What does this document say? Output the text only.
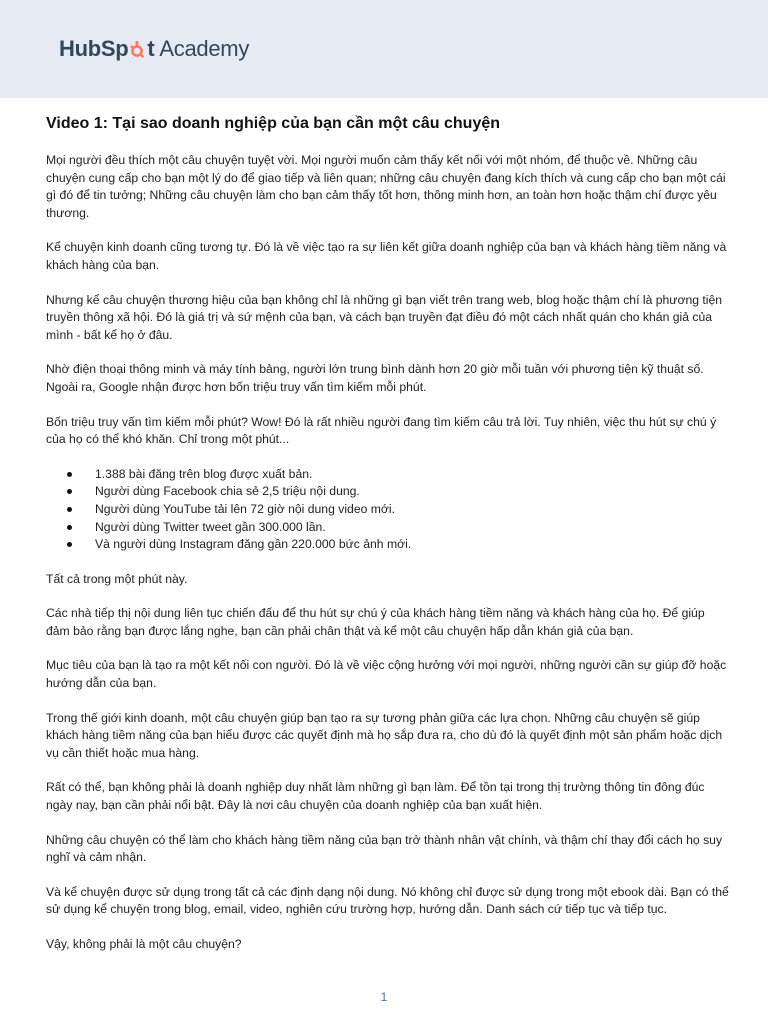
HubSp t Academy
Video 1: Tại sao doanh nghiệp của bạn cần một câu chuyện

Mọi người đều thích một câu chuyện tuyệt vời. Mọi người muốn cảm thấy kết nối với một nhóm, để thuộc về. Những câu chuyện cung cấp cho bạn một lý do để giao tiếp và liên quan; những câu chuyện đang kích thích và cung cấp cho bạn một cái gì đó để tin tưởng; Những câu chuyện làm cho bạn cảm thấy tốt hơn, thông minh hơn, an toàn hơn hoặc thậm chí được yêu thương.

Kể chuyện kinh doanh cũng tương tự. Đó là về việc tạo ra sự liên kết giữa doanh nghiệp của bạn và khách hàng tiềm năng và khách hàng của bạn.

Nhưng kể câu chuyện thương hiệu của bạn không chỉ là những gì bạn viết trên trang web, blog hoặc thậm chí là phương tiện truyền thông xã hội. Đó là giá trị và sứ mệnh của bạn, và cách bạn truyền đạt điều đó một cách nhất quán cho khán giả của mình - bất kể họ ở đâu.

Nhờ điện thoại thông minh và máy tính bảng, người lớn trung bình dành hơn 20 giờ mỗi tuần với phương tiện kỹ thuật số. Ngoài ra, Google nhận được hơn bốn triệu truy vấn tìm kiếm mỗi phút.

Bốn triệu truy vấn tìm kiếm mỗi phút? Wow! Đó là rất nhiều người đang tìm kiếm câu trả lời. Tuy nhiên, việc thu hút sự chú ý của họ có thể khó khăn. Chỉ trong một phút...

1.388 bài đăng trên blog được xuất bản.
Người dùng Facebook chia sẻ 2,5 triệu nội dung.
Người dùng YouTube tải lên 72 giờ nội dung video mới.
Người dùng Twitter tweet gần 300.000 lần.
Và người dùng Instagram đăng gần 220.000 bức ảnh mới.

Tất cả trong một phút này.

Các nhà tiếp thị nội dung liên tục chiến đấu để thu hút sự chú ý của khách hàng tiềm năng và khách hàng của họ. Để giúp đảm bảo rằng bạn được lắng nghe, bạn cần phải chân thật và kể một câu chuyện hấp dẫn khán giả của bạn.

Mục tiêu của bạn là tạo ra một kết nối con người. Đó là về việc cộng hưởng với mọi người, những người cần sự giúp đỡ hoặc hướng dẫn của bạn.

Trong thế giới kinh doanh, một câu chuyện giúp bạn tạo ra sự tương phản giữa các lựa chọn. Những câu chuyện sẽ giúp khách hàng tiềm năng của bạn hiểu được các quyết định mà họ sắp đưa ra, cho dù đó là quyết định một sản phẩm hoặc dịch vụ cần thiết hoặc mua hàng.

Rất có thể, bạn không phải là doanh nghiệp duy nhất làm những gì bạn làm. Để tồn tại trong thị trường thông tin đông đúc ngày nay, bạn cần phải nổi bật. Đây là nơi câu chuyện của doanh nghiệp của bạn xuất hiện.

Những câu chuyện có thể làm cho khách hàng tiềm năng của bạn trở thành nhân vật chính, và thậm chí thay đổi cách họ suy nghĩ và cảm nhận.

Và kể chuyện được sử dụng trong tất cả các định dạng nội dung. Nó không chỉ được sử dụng trong một ebook dài. Bạn có thể sử dụng kể chuyện trong blog, email, video, nghiên cứu trường hợp, hướng dẫn. Danh sách cứ tiếp tục và tiếp tục.

Vậy, không phải là một câu chuyện?

1
